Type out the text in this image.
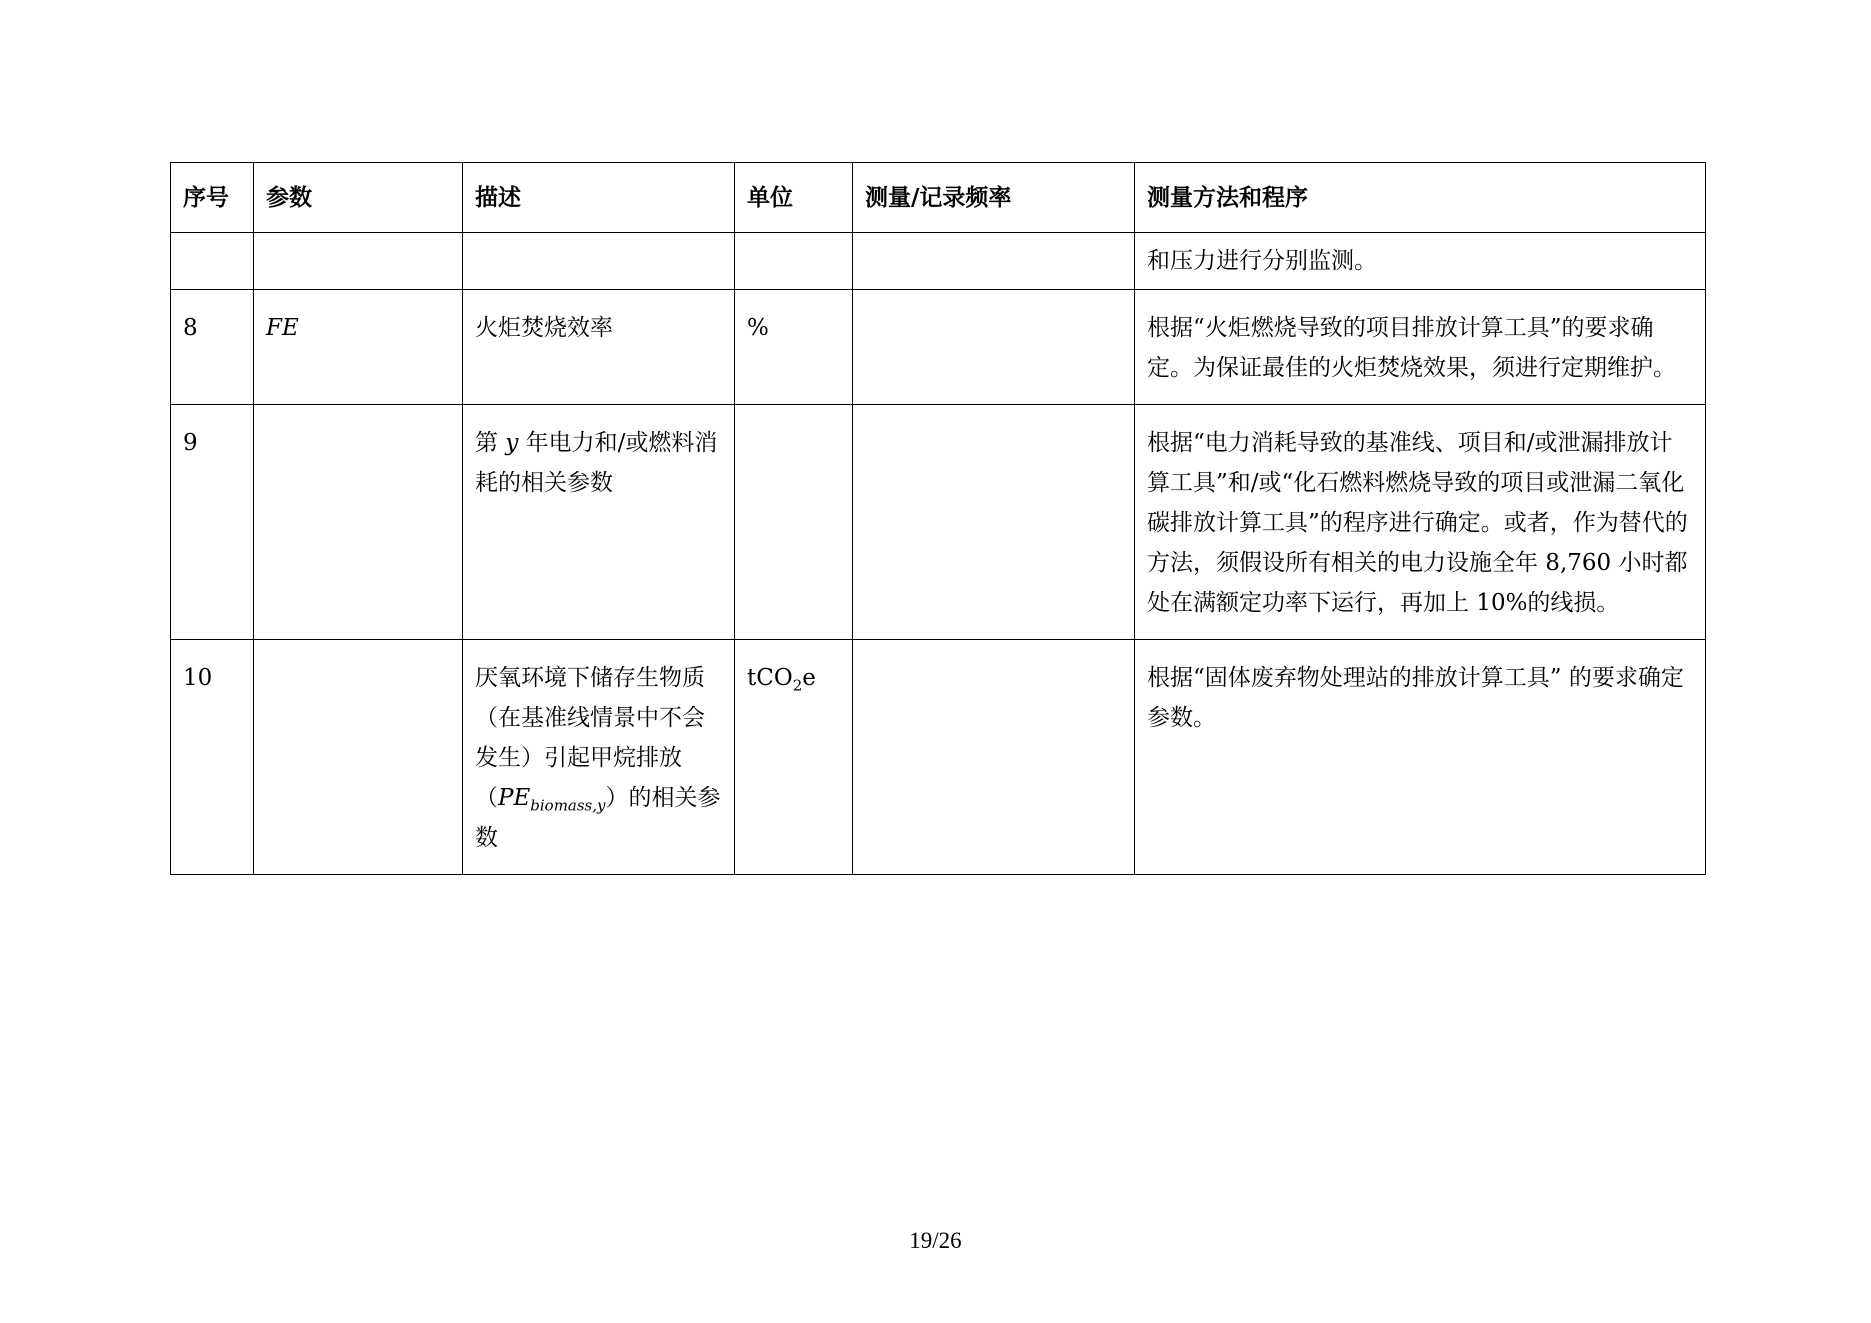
序号	参数	描述	单位	测量/记录频率	测量方法和程序
					和压力进行分别监测。
8	FE	火炬焚烧效率	%		根据“火炬燃烧导致的项目排放计算工具”的要求确定。为保证最佳的火炬焚烧效果，须进行定期维护。
9		第 y 年电力和/或燃料消耗的相关参数			根据“电力消耗导致的基准线、项目和/或泄漏排放计算工具”和/或“化石燃料燃烧导致的项目或泄漏二氧化碳排放计算工具”的程序进行确定。或者，作为替代的方法，须假设所有相关的电力设施全年 8,760 小时都处在满额定功率下运行，再加上 10%的线损。
10		厌氧环境下储存生物质（在基准线情景中不会发生）引起甲烷排放$(PE_{biomass,y})$的相关参数	tCO$_2$e		根据“固体废弃物处理站的排放计算工具” 的要求确定参数。
19/26
